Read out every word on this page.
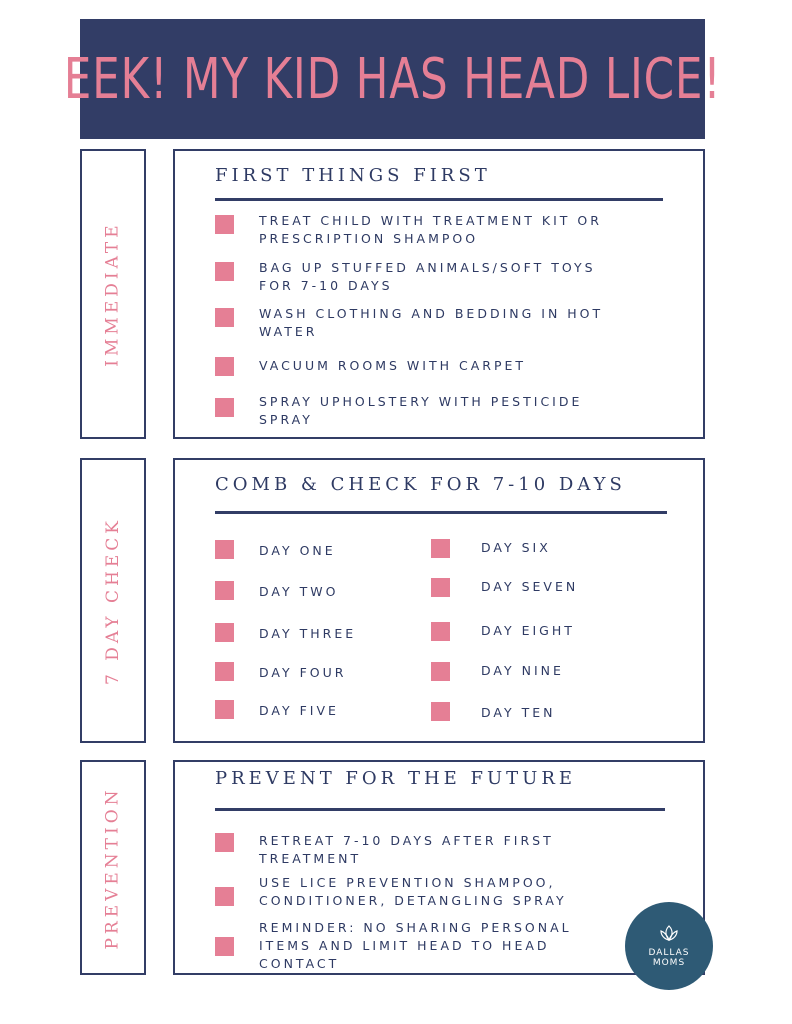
EEK! MY KID HAS HEAD LICE!
IMMEDIATE
FIRST THINGS FIRST
TREAT CHILD WITH TREATMENT KIT OR
PRESCRIPTION SHAMPOO
BAG UP STUFFED ANIMALS/SOFT TOYS
FOR 7-10 DAYS
WASH CLOTHING AND BEDDING IN HOT
WATER
VACUUM ROOMS WITH CARPET
SPRAY UPHOLSTERY WITH PESTICIDE
SPRAY
7 DAY CHECK
COMB & CHECK FOR 7-10 DAYS
DAY ONE
DAY TWO
DAY THREE
DAY FOUR
DAY FIVE
DAY SIX
DAY SEVEN
DAY EIGHT
DAY NINE
DAY TEN
PREVENTION
PREVENT FOR THE FUTURE
RETREAT 7-10 DAYS AFTER FIRST
TREATMENT
USE LICE PREVENTION SHAMPOO,
CONDITIONER, DETANGLING SPRAY
REMINDER: NO SHARING PERSONAL
ITEMS AND LIMIT HEAD TO HEAD
CONTACT
DALLAS
MOMS
